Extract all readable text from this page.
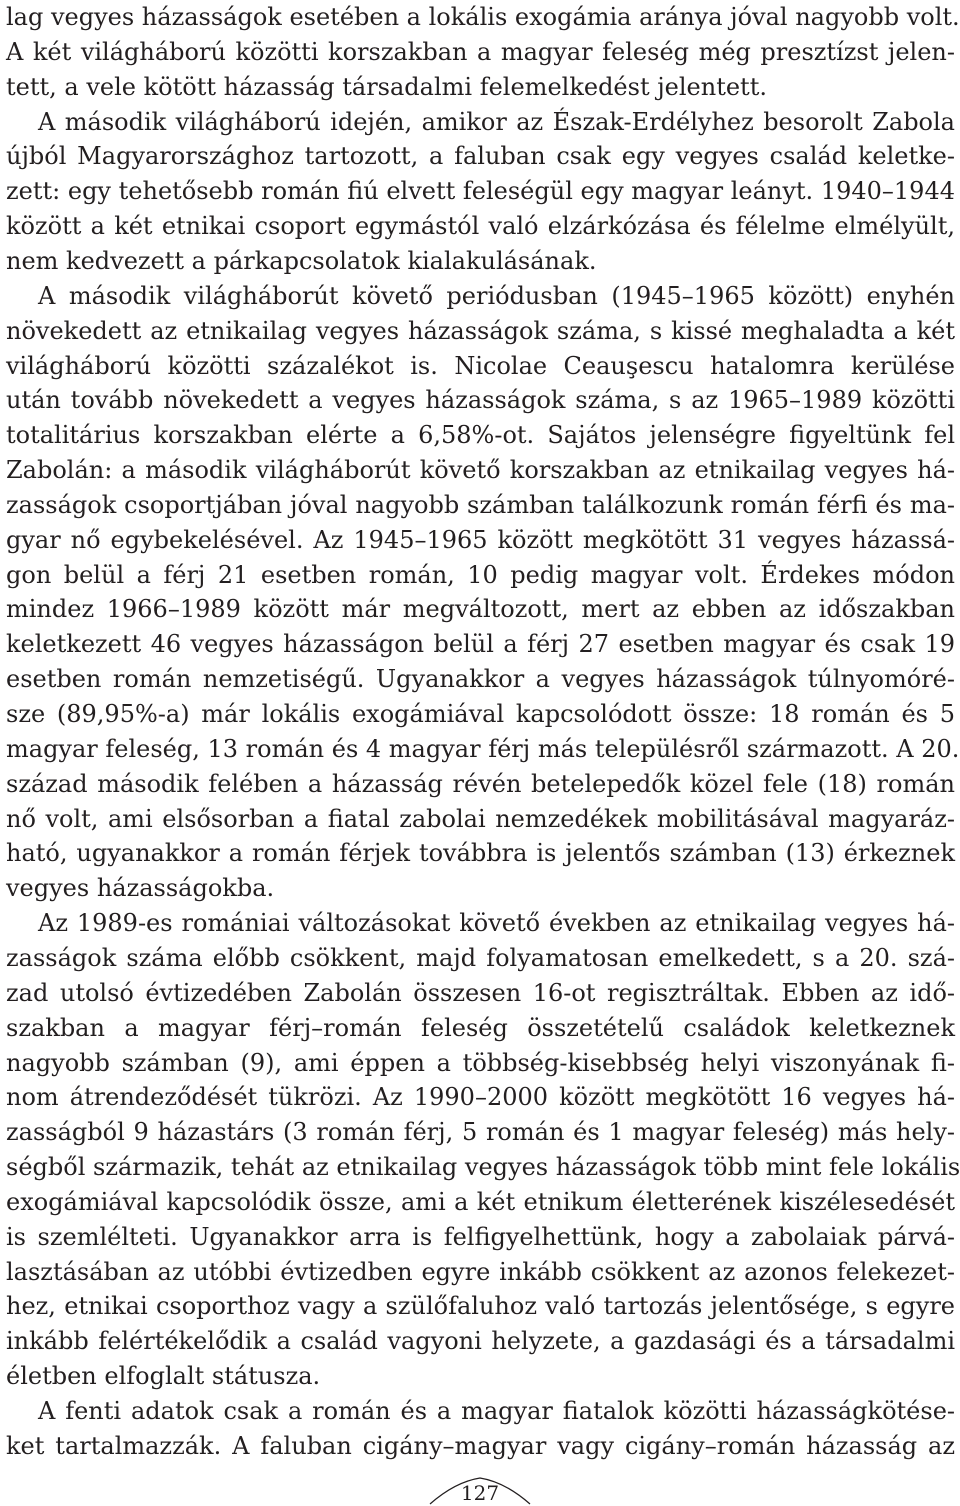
lag vegyes házasságok esetében a lokális exogámia aránya jóval nagyobb volt.
A két világháború közötti korszakban a magyar feleség még presztízst jelen-
tett, a vele kötött házasság társadalmi felemelkedést jelentett.
A második világháború idején, amikor az Észak-Erdélyhez besorolt Zabola
újból Magyarországhoz tartozott, a faluban csak egy vegyes család keletke-
zett: egy tehetősebb román fiú elvett feleségül egy magyar leányt. 1940–1944
között a két etnikai csoport egymástól való elzárkózása és félelme elmélyült,
nem kedvezett a párkapcsolatok kialakulásának.
A második világháborút követő periódusban (1945–1965 között) enyhén
növekedett az etnikailag vegyes házasságok száma, s kissé meghaladta a két
világháború közötti százalékot is. Nicolae Ceauşescu hatalomra kerülése
után tovább növekedett a vegyes házasságok száma, s az 1965–1989 közötti
totalitárius korszakban elérte a 6,58%-ot. Sajátos jelenségre figyeltünk fel
Zabolán: a második világháborút követő korszakban az etnikailag vegyes há-
zasságok csoportjában jóval nagyobb számban találkozunk román férfi és ma-
gyar nő egybekelésével. Az 1945–1965 között megkötött 31 vegyes házassá-
gon belül a férj 21 esetben román, 10 pedig magyar volt. Érdekes módon
mindez 1966–1989 között már megváltozott, mert az ebben az időszakban
keletkezett 46 vegyes házasságon belül a férj 27 esetben magyar és csak 19
esetben román nemzetiségű. Ugyanakkor a vegyes házasságok túlnyomóré-
sze (89,95%-a) már lokális exogámiával kapcsolódott össze: 18 román és 5
magyar feleség, 13 román és 4 magyar férj más településről származott. A 20.
század második felében a házasság révén betelepedők közel fele (18) román
nő volt, ami elsősorban a fiatal zabolai nemzedékek mobilitásával magyaráz-
ható, ugyanakkor a román férjek továbbra is jelentős számban (13) érkeznek
vegyes házasságokba.
Az 1989-es romániai változásokat követő években az etnikailag vegyes há-
zasságok száma előbb csökkent, majd folyamatosan emelkedett, s a 20. szá-
zad utolsó évtizedében Zabolán összesen 16-ot regisztráltak. Ebben az idő-
szakban a magyar férj–román feleség összetételű családok keletkeznek
nagyobb számban (9), ami éppen a többség-kisebbség helyi viszonyának fi-
nom átrendeződését tükrözi. Az 1990–2000 között megkötött 16 vegyes há-
zasságból 9 házastárs (3 román férj, 5 román és 1 magyar feleség) más hely-
ségből származik, tehát az etnikailag vegyes házasságok több mint fele lokális
exogámiával kapcsolódik össze, ami a két etnikum életterének kiszélesedését
is szemlélteti. Ugyanakkor arra is felfigyelhettünk, hogy a zabolaiak párvá-
lasztásában az utóbbi évtizedben egyre inkább csökkent az azonos felekezet-
hez, etnikai csoporthoz vagy a szülőfaluhoz való tartozás jelentősége, s egyre
inkább felértékelődik a család vagyoni helyzete, a gazdasági és a társadalmi
életben elfoglalt státusza.
A fenti adatok csak a román és a magyar fiatalok közötti házasságkötése-
ket tartalmazzák. A faluban cigány–magyar vagy cigány–román házasság az
127
